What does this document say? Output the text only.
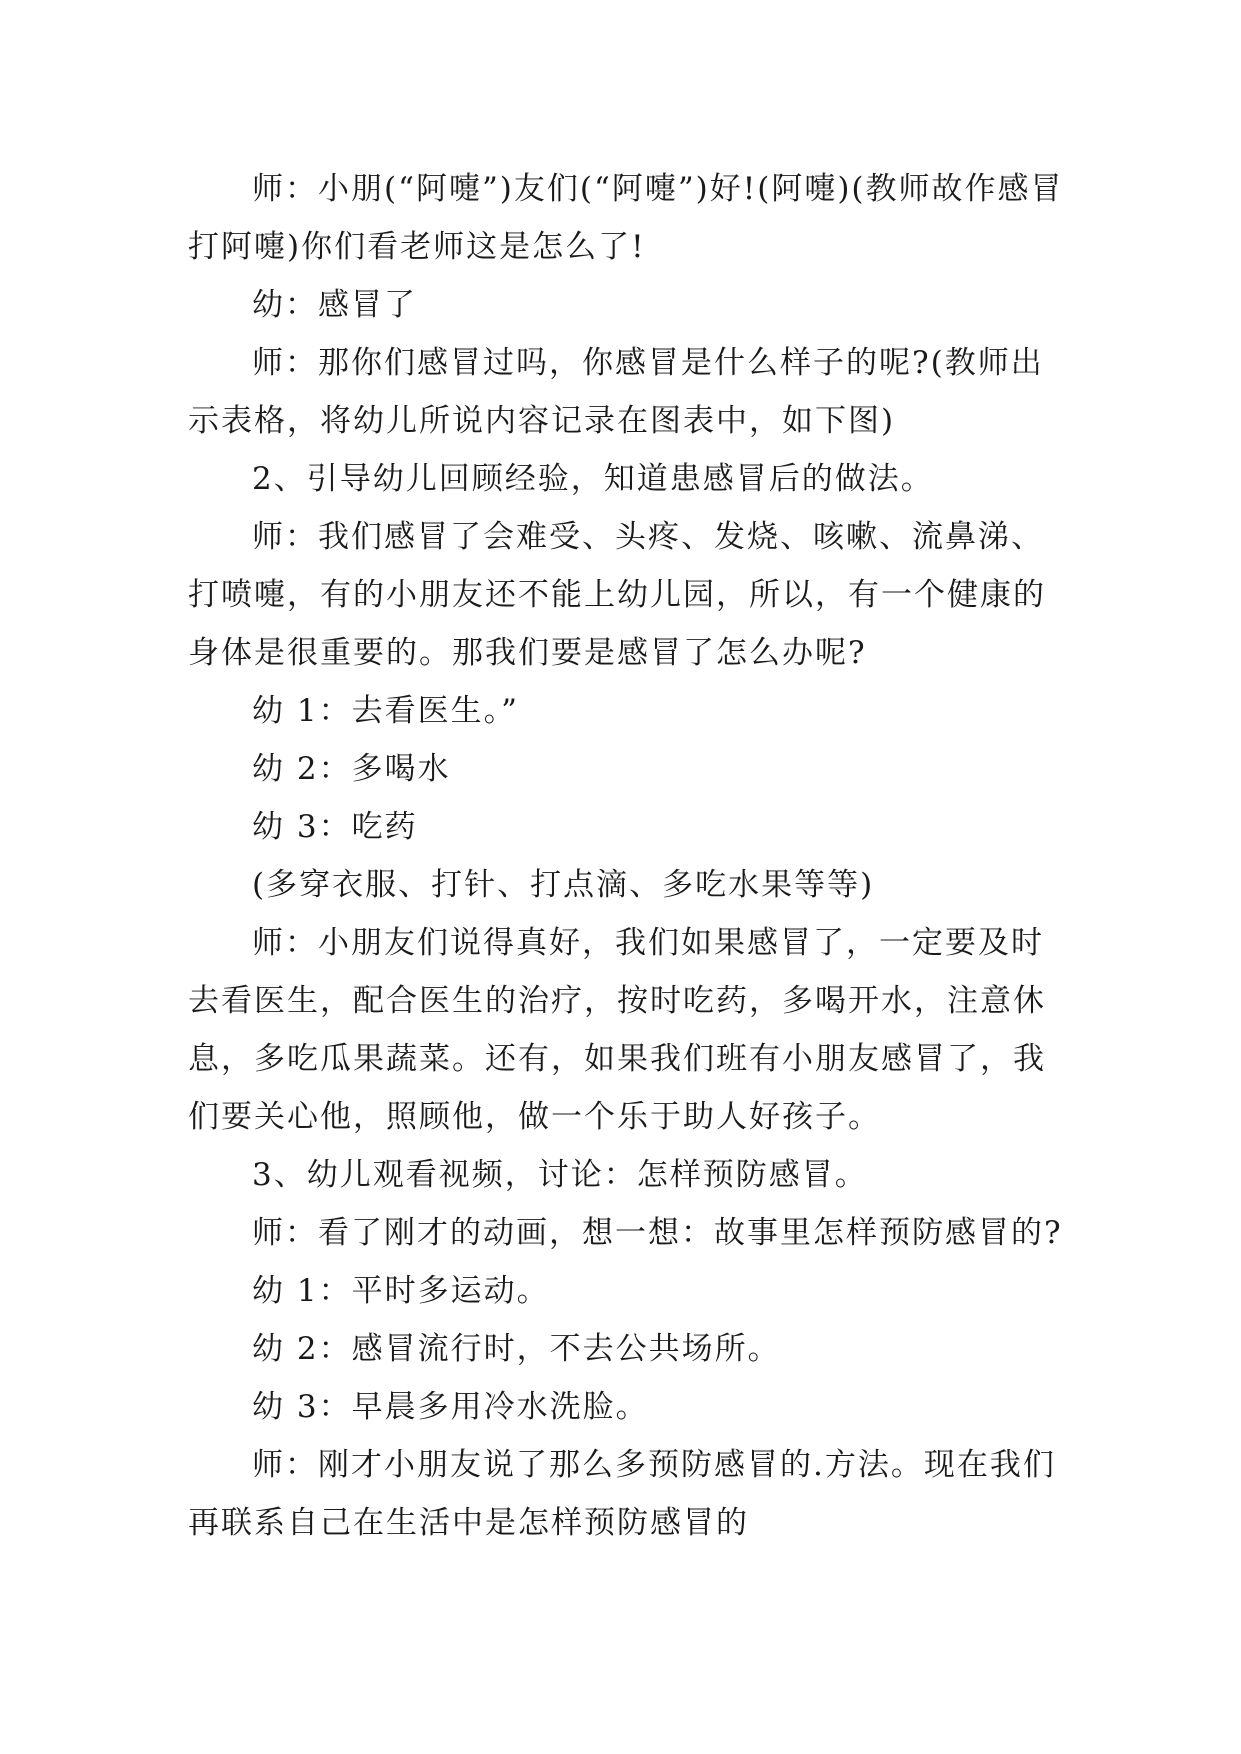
师：小朋(“阿嚏”)友们(“阿嚏”)好!(阿嚏)(教师故作感冒打阿嚏)你们看老师这是怎么了!

幼：感冒了

师：那你们感冒过吗，你感冒是什么样子的呢?(教师出示表格，将幼儿所说内容记录在图表中，如下图)

2、引导幼儿回顾经验，知道患感冒后的做法。

师：我们感冒了会难受、头疼、发烧、咳嗽、流鼻涕、打喷嚏，有的小朋友还不能上幼儿园，所以，有一个健康的身体是很重要的。那我们要是感冒了怎么办呢?

幼 1：去看医生。”

幼 2：多喝水

幼 3：吃药

(多穿衣服、打针、打点滴、多吃水果等等)

师：小朋友们说得真好，我们如果感冒了，一定要及时去看医生，配合医生的治疗，按时吃药，多喝开水，注意休息，多吃瓜果蔬菜。还有，如果我们班有小朋友感冒了，我们要关心他，照顾他，做一个乐于助人好孩子。

3、幼儿观看视频，讨论：怎样预防感冒。

师：看了刚才的动画，想一想：故事里怎样预防感冒的?

幼 1：平时多运动。

幼 2：感冒流行时，不去公共场所。

幼 3：早晨多用冷水洗脸。

师：刚才小朋友说了那么多预防感冒的.方法。现在我们再联系自己在生活中是怎样预防感冒的
